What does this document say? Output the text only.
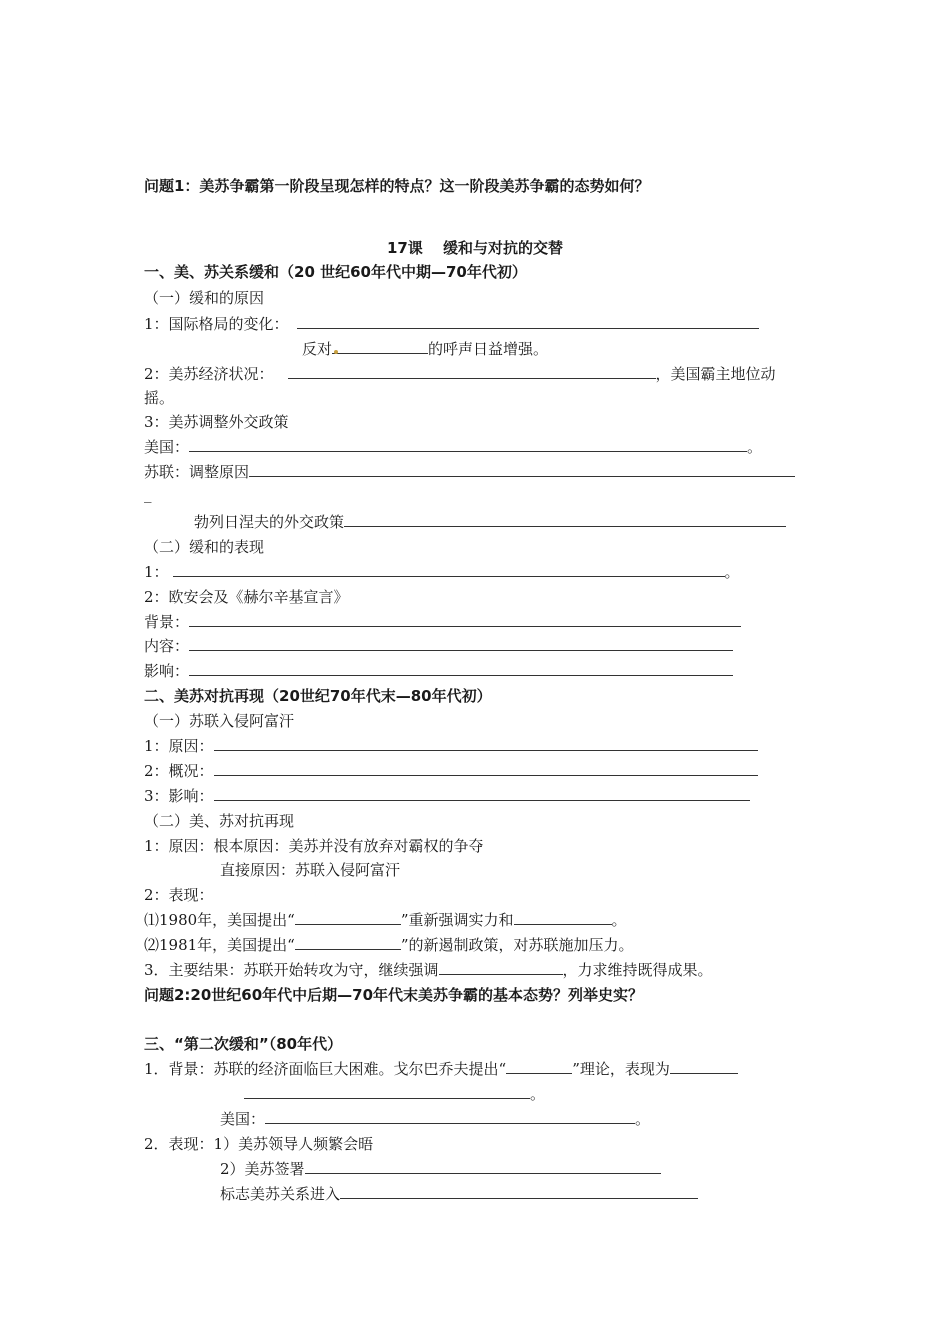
问题1：美苏争霸第一阶段呈现怎样的特点？这一阶段美苏争霸的态势如何？
17课　 缓和与对抗的交替
一、美、苏关系缓和（20 世纪60年代中期—70年代初）
（一）缓和的原因
1：国际格局的变化：
反对	的呼声日益增强。
2：美苏经济状况：	，美国霸主地位动
摇。
3：美苏调整外交政策
美国：	。
苏联：调整原因
_
勃列日涅夫的外交政策
（二）缓和的表现
1：	。
2：欧安会及《赫尔辛基宣言》
背景：
内容：
影响：
二、美苏对抗再现（20世纪70年代末—80年代初）
（一）苏联入侵阿富汗
1：原因：
2：概况：
3：影响：
（二）美、苏对抗再现
1：原因：根本原因：美苏并没有放弃对霸权的争夺
直接原因：苏联入侵阿富汗
2：表现：
⑴1980年，美国提出“	”重新强调实力和	。
⑵1981年，美国提出“	”的新遏制政策，对苏联施加压力。
3．主要结果：苏联开始转攻为守，继续强调	，力求维持既得成果。
问题2:20世纪60年代中后期—70年代末美苏争霸的基本态势？列举史实？
三、“第二次缓和”（80年代）
1．背景：苏联的经济面临巨大困难。戈尔巴乔夫提出“	”理论，表现为
。
美国：	。
2．表现：1）美苏领导人频繁会晤
2）美苏签署
标志美苏关系进入
